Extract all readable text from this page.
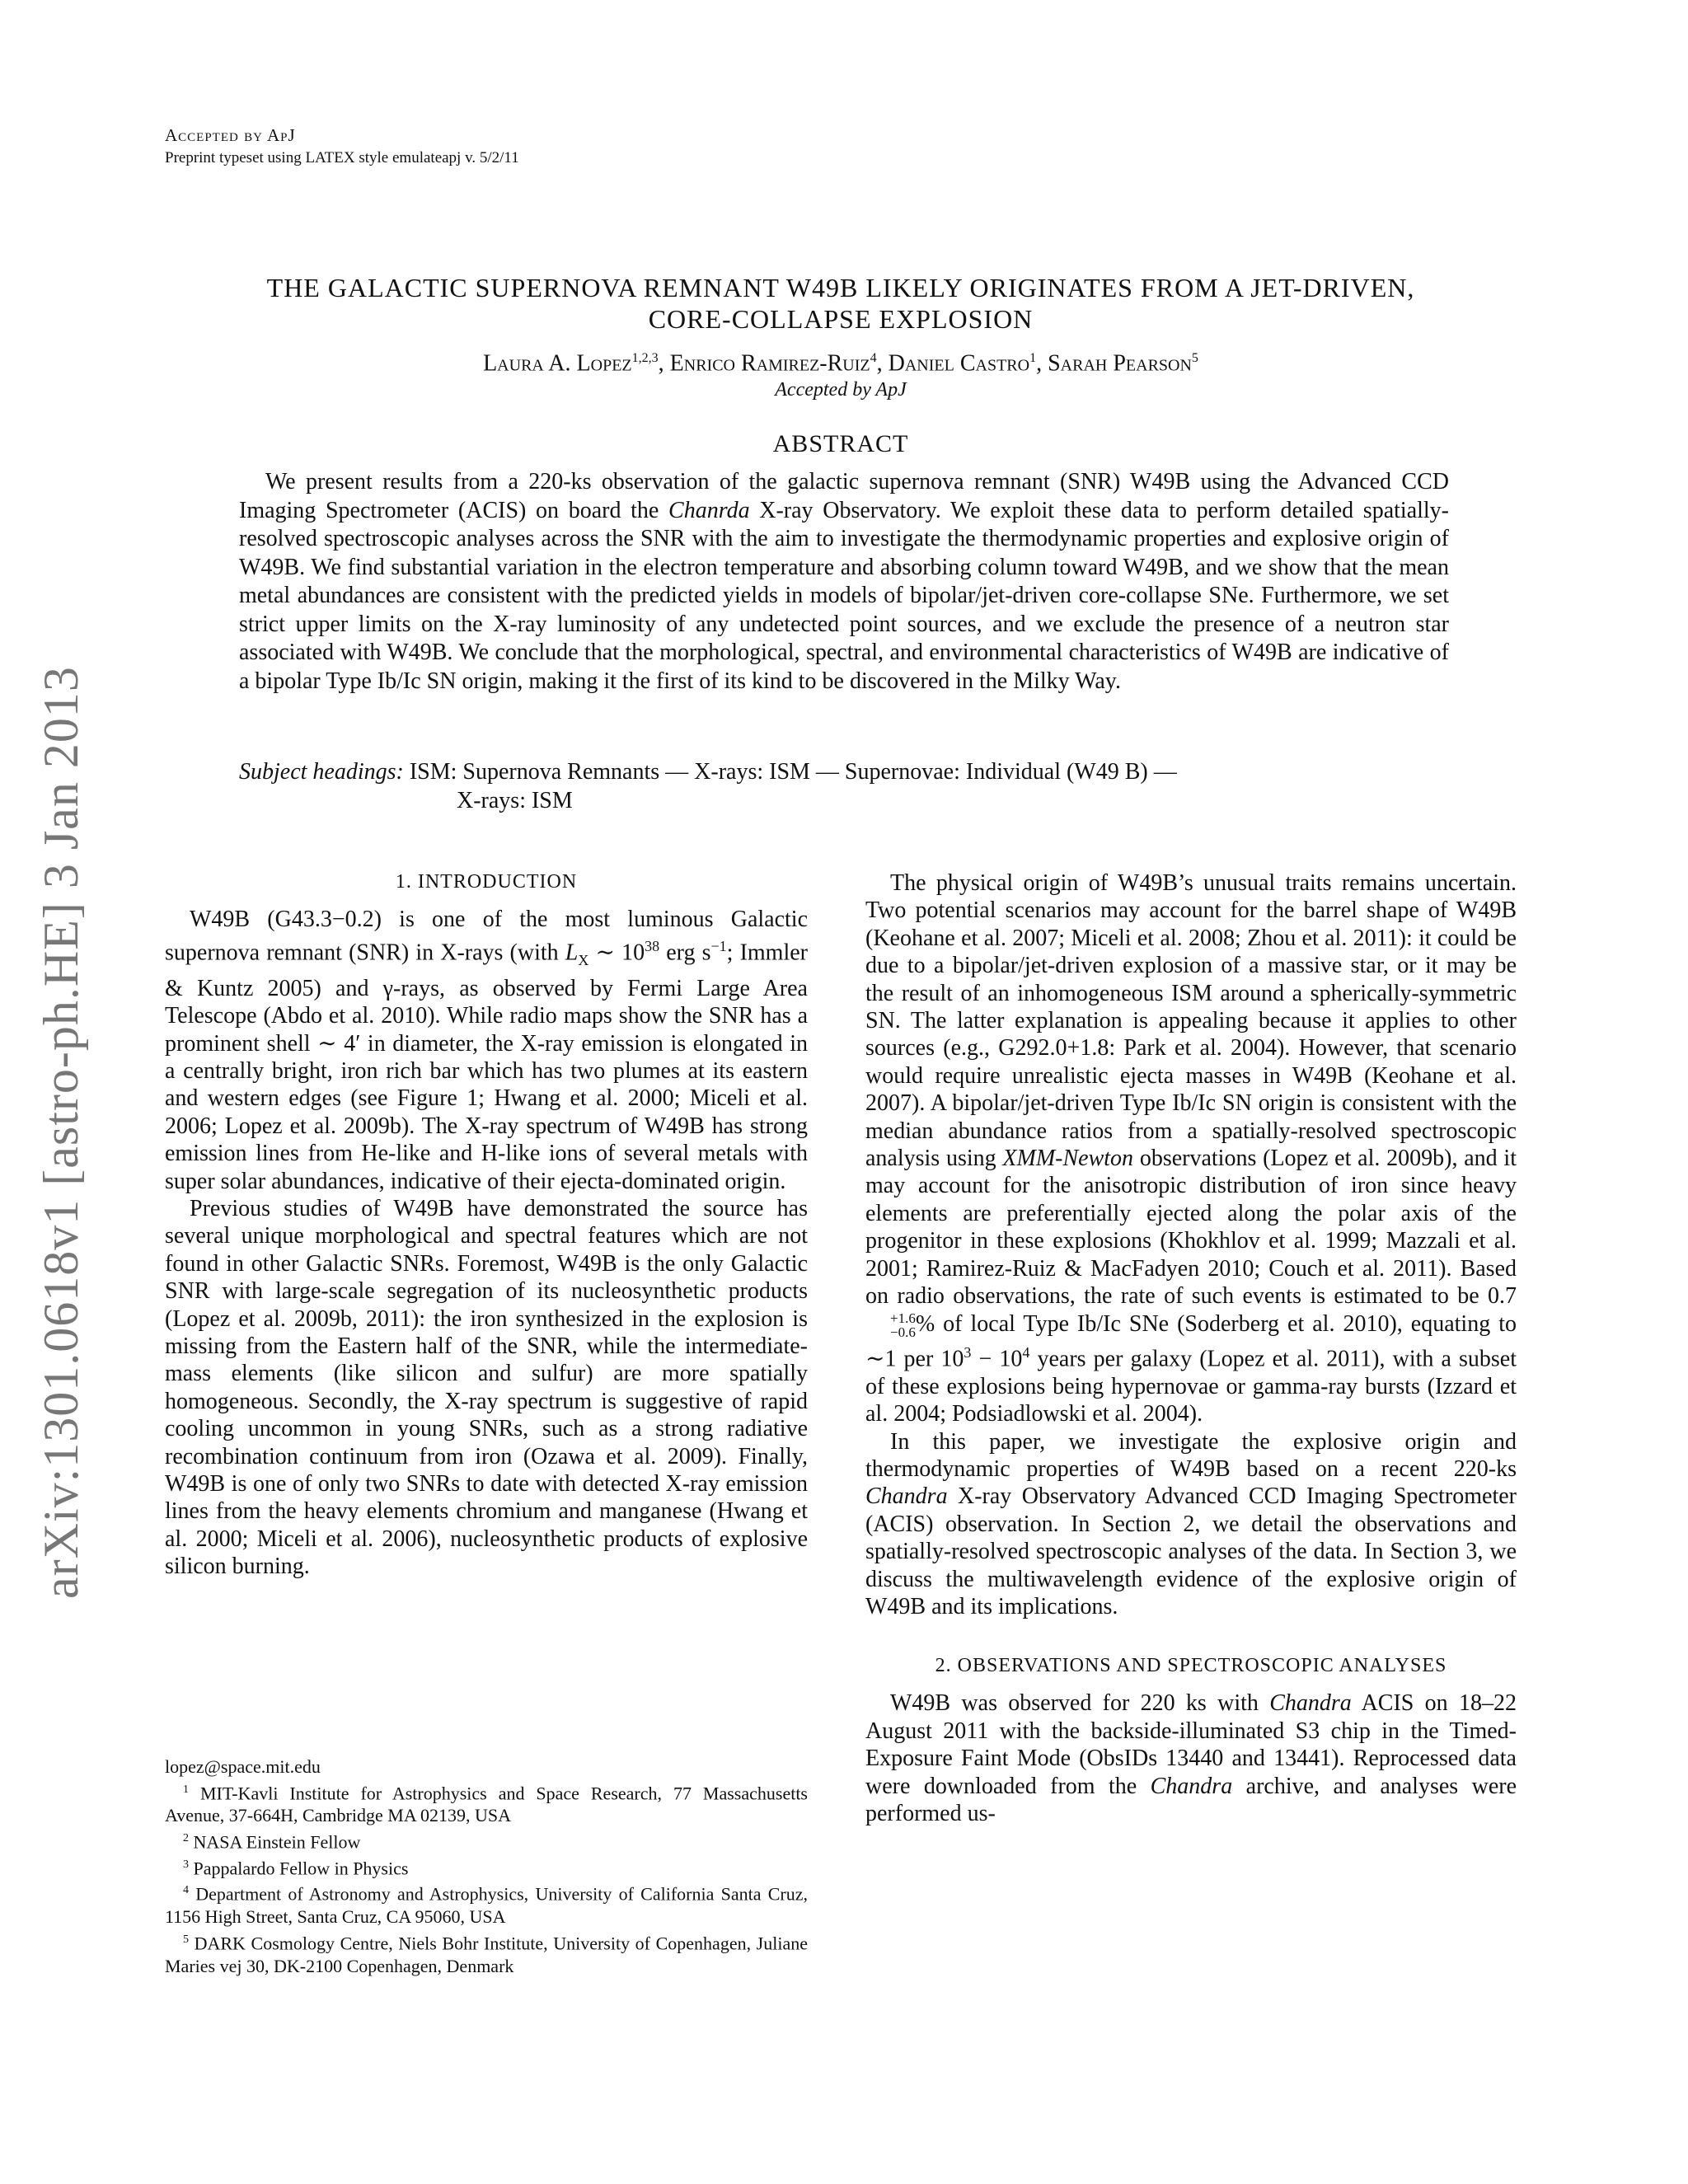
Accepted by ApJ
Preprint typeset using LATEX style emulateapj v. 5/2/11
arXiv:1301.0618v1 [astro-ph.HE] 3 Jan 2013
THE GALACTIC SUPERNOVA REMNANT W49B LIKELY ORIGINATES FROM A JET-DRIVEN,
CORE-COLLAPSE EXPLOSION
Laura A. Lopez$^{1,2,3}$, Enrico Ramirez-Ruiz$^4$, Daniel Castro$^1$, Sarah Pearson$^5$
Accepted by ApJ
ABSTRACT
We present results from a 220-ks observation of the galactic supernova remnant (SNR) W49B using the Advanced CCD Imaging Spectrometer (ACIS) on board the Chanrda X-ray Observatory. We exploit these data to perform detailed spatially-resolved spectroscopic analyses across the SNR with the aim to investigate the thermodynamic properties and explosive origin of W49B. We find substantial variation in the electron temperature and absorbing column toward W49B, and we show that the mean metal abundances are consistent with the predicted yields in models of bipolar/jet-driven core-collapse SNe. Furthermore, we set strict upper limits on the X-ray luminosity of any undetected point sources, and we exclude the presence of a neutron star associated with W49B. We conclude that the morphological, spectral, and environmental characteristics of W49B are indicative of a bipolar Type Ib/Ic SN origin, making it the first of its kind to be discovered in the Milky Way.
Subject headings: ISM: Supernova Remnants — X-rays: ISM — Supernovae: Individual (W49 B) —
X-rays: ISM
1. INTRODUCTION

W49B (G43.3−0.2) is one of the most luminous Galactic supernova remnant (SNR) in X-rays (with $L_X$ ∼ $10^{38}$ erg $s^{-1}$; Immler & Kuntz 2005) and γ-rays, as observed by Fermi Large Area Telescope (Abdo et al. 2010). While radio maps show the SNR has a prominent shell ∼ 4′ in diameter, the X-ray emission is elongated in a centrally bright, iron rich bar which has two plumes at its eastern and western edges (see Figure 1; Hwang et al. 2000; Miceli et al. 2006; Lopez et al. 2009b). The X-ray spectrum of W49B has strong emission lines from He-like and H-like ions of several metals with super solar abundances, indicative of their ejecta-dominated origin.

Previous studies of W49B have demonstrated the source has several unique morphological and spectral features which are not found in other Galactic SNRs. Foremost, W49B is the only Galactic SNR with large-scale segregation of its nucleosynthetic products (Lopez et al. 2009b, 2011): the iron synthesized in the explosion is missing from the Eastern half of the SNR, while the intermediate-mass elements (like silicon and sulfur) are more spatially homogeneous. Secondly, the X-ray spectrum is suggestive of rapid cooling uncommon in young SNRs, such as a strong radiative recombination continuum from iron (Ozawa et al. 2009). Finally, W49B is one of only two SNRs to date with detected X-ray emission lines from the heavy elements chromium and manganese (Hwang et al. 2000; Miceli et al. 2006), nucleosynthetic products of explosive silicon burning.

The physical origin of W49B’s unusual traits remains uncertain. Two potential scenarios may account for the barrel shape of W49B (Keohane et al. 2007; Miceli et al. 2008; Zhou et al. 2011): it could be due to a bipolar/jet-driven explosion of a massive star, or it may be the result of an inhomogeneous ISM around a spherically-symmetric SN. The latter explanation is appealing because it applies to other sources (e.g., G292.0+1.8: Park et al. 2004). However, that scenario would require unrealistic ejecta masses in W49B (Keohane et al. 2007). A bipolar/jet-driven Type Ib/Ic SN origin is consistent with the median abundance ratios from a spatially-resolved spectroscopic analysis using XMM-Newton observations (Lopez et al. 2009b), and it may account for the anisotropic distribution of iron since heavy elements are preferentially ejected along the polar axis of the progenitor in these explosions (Khokhlov et al. 1999; Mazzali et al. 2001; Ramirez-Ruiz & MacFadyen 2010; Couch et al. 2011). Based on radio observations, the rate of such events is estimated to be 0.7
+1.6
−0.6 % of local Type Ib/Ic SNe (Soderberg et al. 2010), equating to ∼1 per $10^3 - 10^4$ years per galaxy (Lopez et al. 2011), with a subset of these explosions being hypernovae or gamma-ray bursts (Izzard et al. 2004; Podsiadlowski et al. 2004).

In this paper, we investigate the explosive origin and thermodynamic properties of W49B based on a recent 220-ks Chandra X-ray Observatory Advanced CCD Imaging Spectrometer (ACIS) observation. In Section 2, we detail the observations and spatially-resolved spectroscopic analyses of the data. In Section 3, we discuss the multiwavelength evidence of the explosive origin of W49B and its implications.

2. OBSERVATIONS AND SPECTROSCOPIC ANALYSES

W49B was observed for 220 ks with Chandra ACIS on 18–22 August 2011 with the backside-illuminated S3 chip in the Timed-Exposure Faint Mode (ObsIDs 13440 and 13441). Reprocessed data were downloaded from the Chandra archive, and analyses were performed us-

lopez@space.mit.edu

$^1$ MIT-Kavli Institute for Astrophysics and Space Research, 77 Massachusetts Avenue, 37-664H, Cambridge MA 02139, USA

$^2$ NASA Einstein Fellow

$^3$ Pappalardo Fellow in Physics

$^4$ Department of Astronomy and Astrophysics, University of California Santa Cruz, 1156 High Street, Santa Cruz, CA 95060, USA

$^5$ DARK Cosmology Centre, Niels Bohr Institute, University of Copenhagen, Juliane Maries vej 30, DK-2100 Copenhagen, Denmark
